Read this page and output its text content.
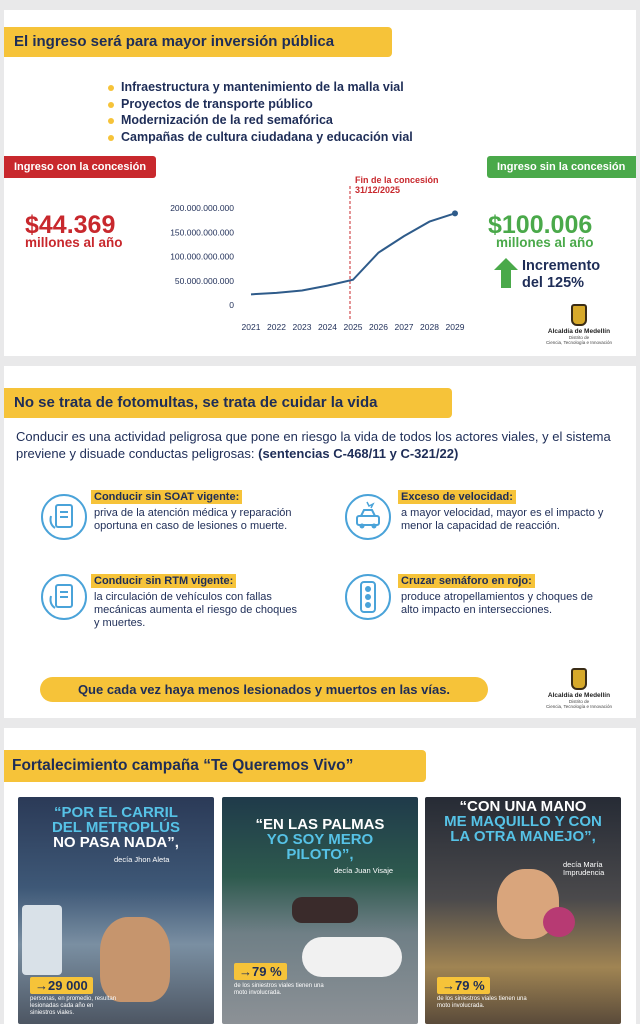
El ingreso será para mayor inversión pública
Infraestructura y mantenimiento de la malla vial
Proyectos de transporte público
Modernización de la red semafórica
Campañas de cultura ciudadana y educación vial
Ingreso con la concesión
$44.369
millones al año
200.000.000.000
150.000.000.000
100.000.000.000
50.000.000.000
0
2021 2022 2023 2024 2025 2026 2027 2028 2029
Fin de la concesión
31/12/2025
Ingreso sin la concesión
$100.006
millones al año
Incremento
del 125%
Alcaldía de Medellín
Distrito de
Ciencia, Tecnología e Innovación
No se trata de fotomultas, se trata de cuidar la vida

Conducir es una actividad peligrosa que pone en riesgo la vida de todos los actores viales, y el sistema previene y disuade conductas peligrosas: (sentencias C-468/11 y C-321/22)

Conducir sin SOAT vigente:
priva de la atención médica y reparación oportuna en caso de lesiones o muerte.
Exceso de velocidad:
a mayor velocidad, mayor es el impacto y menor la capacidad de reacción.
Conducir sin RTM vigente:
la circulación de vehículos con fallas mecánicas aumenta el riesgo de choques y muertes.
Cruzar semáforo en rojo:
produce atropellamientos y choques de alto impacto en intersecciones.
Que cada vez haya menos lesionados y muertos en las vías.	Alcaldía de Medellín
Distrito de
Ciencia, Tecnología e Innovación
Fortalecimiento campaña “Te Queremos Vivo”
“POR EL CARRIL
DEL METROPLÚS
NO PASA NADA”,
decía Jhon Aleta
→29 000
personas, en promedio, resultan lesionadas cada año en siniestros viales.
“EN LAS PALMAS
YO SOY MERO
PILOTO”,
decía Juan Visaje
→79 %
de los siniestros viales tienen una moto involucrada.
“CON UNA MANO
ME MAQUILLO Y CON
LA OTRA MANEJO”,
decía María Imprudencia
→79 %
de los siniestros viales tienen una moto involucrada.
